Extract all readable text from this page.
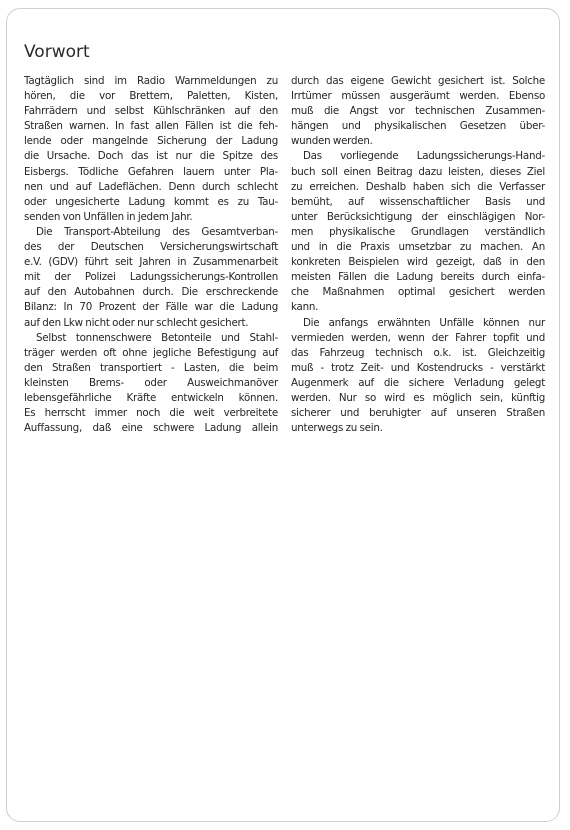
Vorwort

Tagtäglich sind im Radio Warnmeldungen zu
hören, die vor Brettern, Paletten, Kisten,
Fahrrädern und selbst Kühlschränken auf den
Straßen warnen. In fast allen Fällen ist die feh-
lende oder mangelnde Sicherung der Ladung
die Ursache. Doch das ist nur die Spitze des
Eisbergs. Tödliche Gefahren lauern unter Pla-
nen und auf Ladeflächen. Denn durch schlecht
oder ungesicherte Ladung kommt es zu Tau-
senden von Unfällen in jedem Jahr.

Die Transport-Abteilung des Gesamtverban-
des der Deutschen Versicherungswirtschaft
e.V. (GDV) führt seit Jahren in Zusammenarbeit
mit der Polizei Ladungssicherungs-Kontrollen
auf den Autobahnen durch. Die erschreckende
Bilanz: In 70 Prozent der Fälle war die Ladung
auf den Lkw nicht oder nur schlecht gesichert.

Selbst tonnenschwere Betonteile und Stahl-
träger werden oft ohne jegliche Befestigung auf
den Straßen transportiert - Lasten, die beim
kleinsten Brems- oder Ausweichmanöver
lebensgefährliche Kräfte entwickeln können.
Es herrscht immer noch die weit verbreitete
Auffassung, daß eine schwere Ladung allein

durch das eigene Gewicht gesichert ist. Solche
Irrtümer müssen ausgeräumt werden. Ebenso
muß die Angst vor technischen Zusammen-
hängen und physikalischen Gesetzen über-
wunden werden.

Das vorliegende Ladungssicherungs-Hand-
buch soll einen Beitrag dazu leisten, dieses Ziel
zu erreichen. Deshalb haben sich die Verfasser
bemüht, auf wissenschaftlicher Basis und
unter Berücksichtigung der einschlägigen Nor-
men physikalische Grundlagen verständlich
und in die Praxis umsetzbar zu machen. An
konkreten Beispielen wird gezeigt, daß in den
meisten Fällen die Ladung bereits durch einfa-
che Maßnahmen optimal gesichert werden
kann.

Die anfangs erwähnten Unfälle können nur
vermieden werden, wenn der Fahrer topfit und
das Fahrzeug technisch o.k. ist. Gleichzeitig
muß - trotz Zeit- und Kostendrucks - verstärkt
Augenmerk auf die sichere Verladung gelegt
werden. Nur so wird es möglich sein, künftig
sicherer und beruhigter auf unseren Straßen
unterwegs zu sein.
